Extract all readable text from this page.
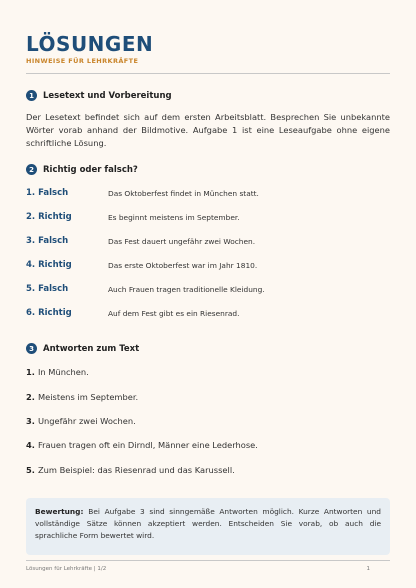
LÖSUNGEN
HINWEISE FÜR LEHRKRÄFTE
1	Lesetext und Vorbereitung

Der Lesetext befindet sich auf dem ersten Arbeitsblatt. Besprechen Sie unbekannte Wörter vorab anhand der Bildmotive. Aufgabe 1 ist eine Leseaufgabe ohne eigene schriftliche Lösung.

2	Richtig oder falsch?
1. Falsch	Das Oktoberfest findet in München statt.
2. Richtig	Es beginnt meistens im September.
3. Falsch	Das Fest dauert ungefähr zwei Wochen.
4. Richtig	Das erste Oktoberfest war im Jahr 1810.
5. Falsch	Auch Frauen tragen traditionelle Kleidung.
6. Richtig	Auf dem Fest gibt es ein Riesenrad.
3	Antworten zum Text
1. In München.
2. Meistens im September.
3. Ungefähr zwei Wochen.
4. Frauen tragen oft ein Dirndl, Männer eine Lederhose.
5. Zum Beispiel: das Riesenrad und das Karussell.
Bewertung: Bei Aufgabe 3 sind sinngemäße Antworten möglich. Kurze Antworten und vollständige Sätze können akzeptiert werden. Entscheiden Sie vorab, ob auch die sprachliche Form bewertet wird.
Lösungen für Lehrkräfte | 1/2	1
